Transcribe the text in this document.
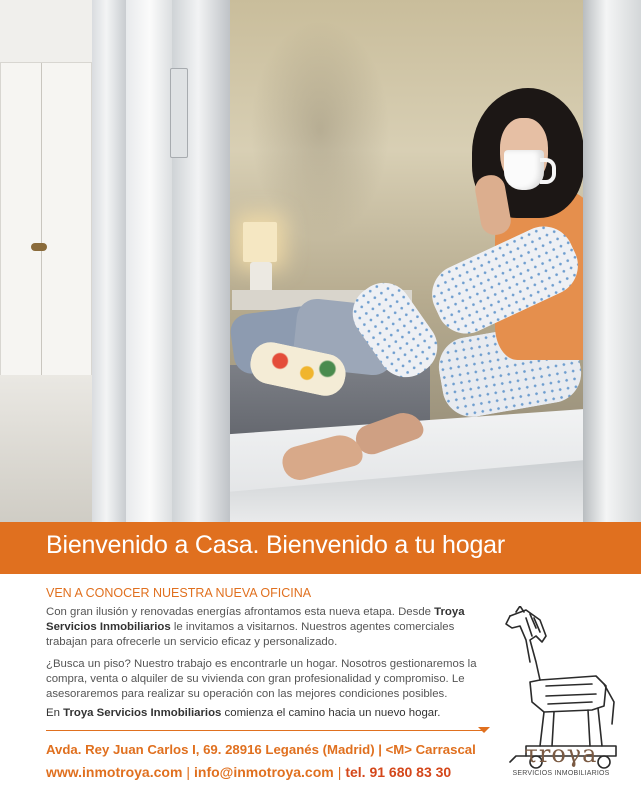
Bienvenido a Casa. Bienvenido a tu hogar
VEN A CONOCER NUESTRA NUEVA OFICINA

Con gran ilusión y renovadas energías afrontamos esta nueva etapa. Desde Troya Servicios Inmobiliarios le invitamos a visitarnos. Nuestros agentes comerciales trabajan para ofrecerle un servicio eficaz y personalizado.

¿Busca un piso? Nuestro trabajo es encontrarle un hogar. Nosotros gestionaremos la compra, venta o alquiler de su vivienda con gran profesionalidad y compromiso. Le asesoraremos para realizar su operación con las mejores condiciones posibles.

En Troya Servicios Inmobiliarios comienza el camino hacia un nuevo hogar.

Avda. Rey Juan Carlos I, 69. 28916 Leganés (Madrid) | <M> Carrascal
www.inmotroya.com | info@inmotroya.com | tel. 91 680 83 30
τroγa
SERVICIOS INMOBILIARIOS
